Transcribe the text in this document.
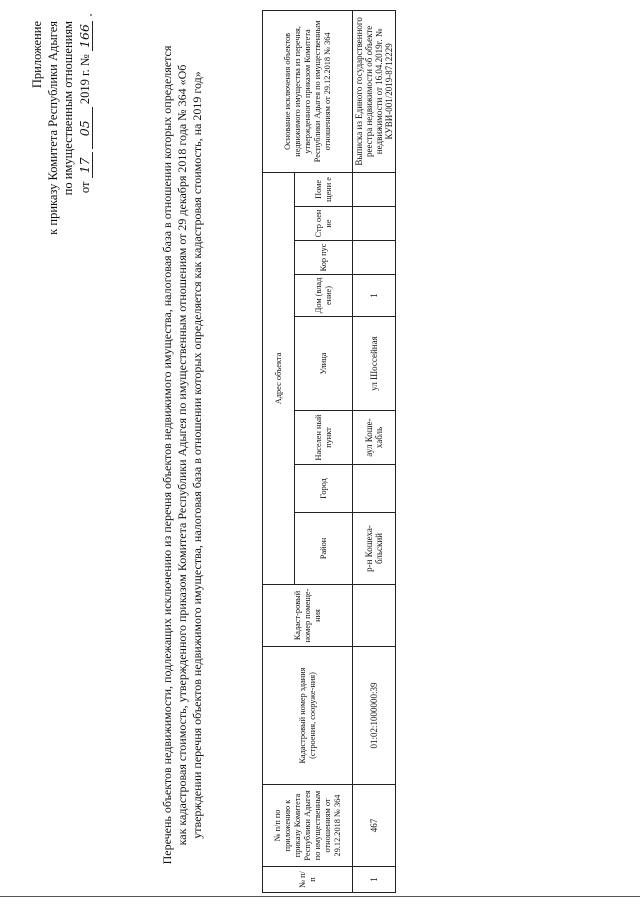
Приложение к приказу Комитета Республики Адыгея по имущественным отношениям от 17 05 2019 г. № 166
Перечень объектов недвижимости, подлежащих исключению из перечня объектов недвижимого имущества, налоговая база в отношении которых определяется как кадастровая стоимость, утвержденного приказом Комитета Республики Адыгея по имущественным отношениям от 29 декабря 2018 года № 364 «Об утверждении перечня объектов недвижимого имущества, налоговая база в отношении которых определяется как кадастровая стоимость, на 2019 год»
№ п/п	№ п/п по приложению к приказу Комитета Республики Адыгея по имущественным отношениям от 29.12.2018 № 364	Кадастровый номер здания (строения, сооруже-ния)	Кадаст-ровый номер помеще-ния	Адрес объекта								Основание исключения объектов недвижимого имущества из перечня, утвержденного приказом Комитета Республики Адыгея по имущественным отношениям от 29.12.2018 № 364
				Район	Город	Населен ный пункт	Улица	Дом (влад ение)	Кор пус	Стр оен ие	Поме щени е	
1	467	01:02:1000000:39		р-н Кошеха-бльский		аул Коше-хабль	ул Шоссейная	1				Выписка из Единого государственного реестра недвижимости об объекте недвижимости от 16.04.2019г. № КУВИ-001/2019-8712229
